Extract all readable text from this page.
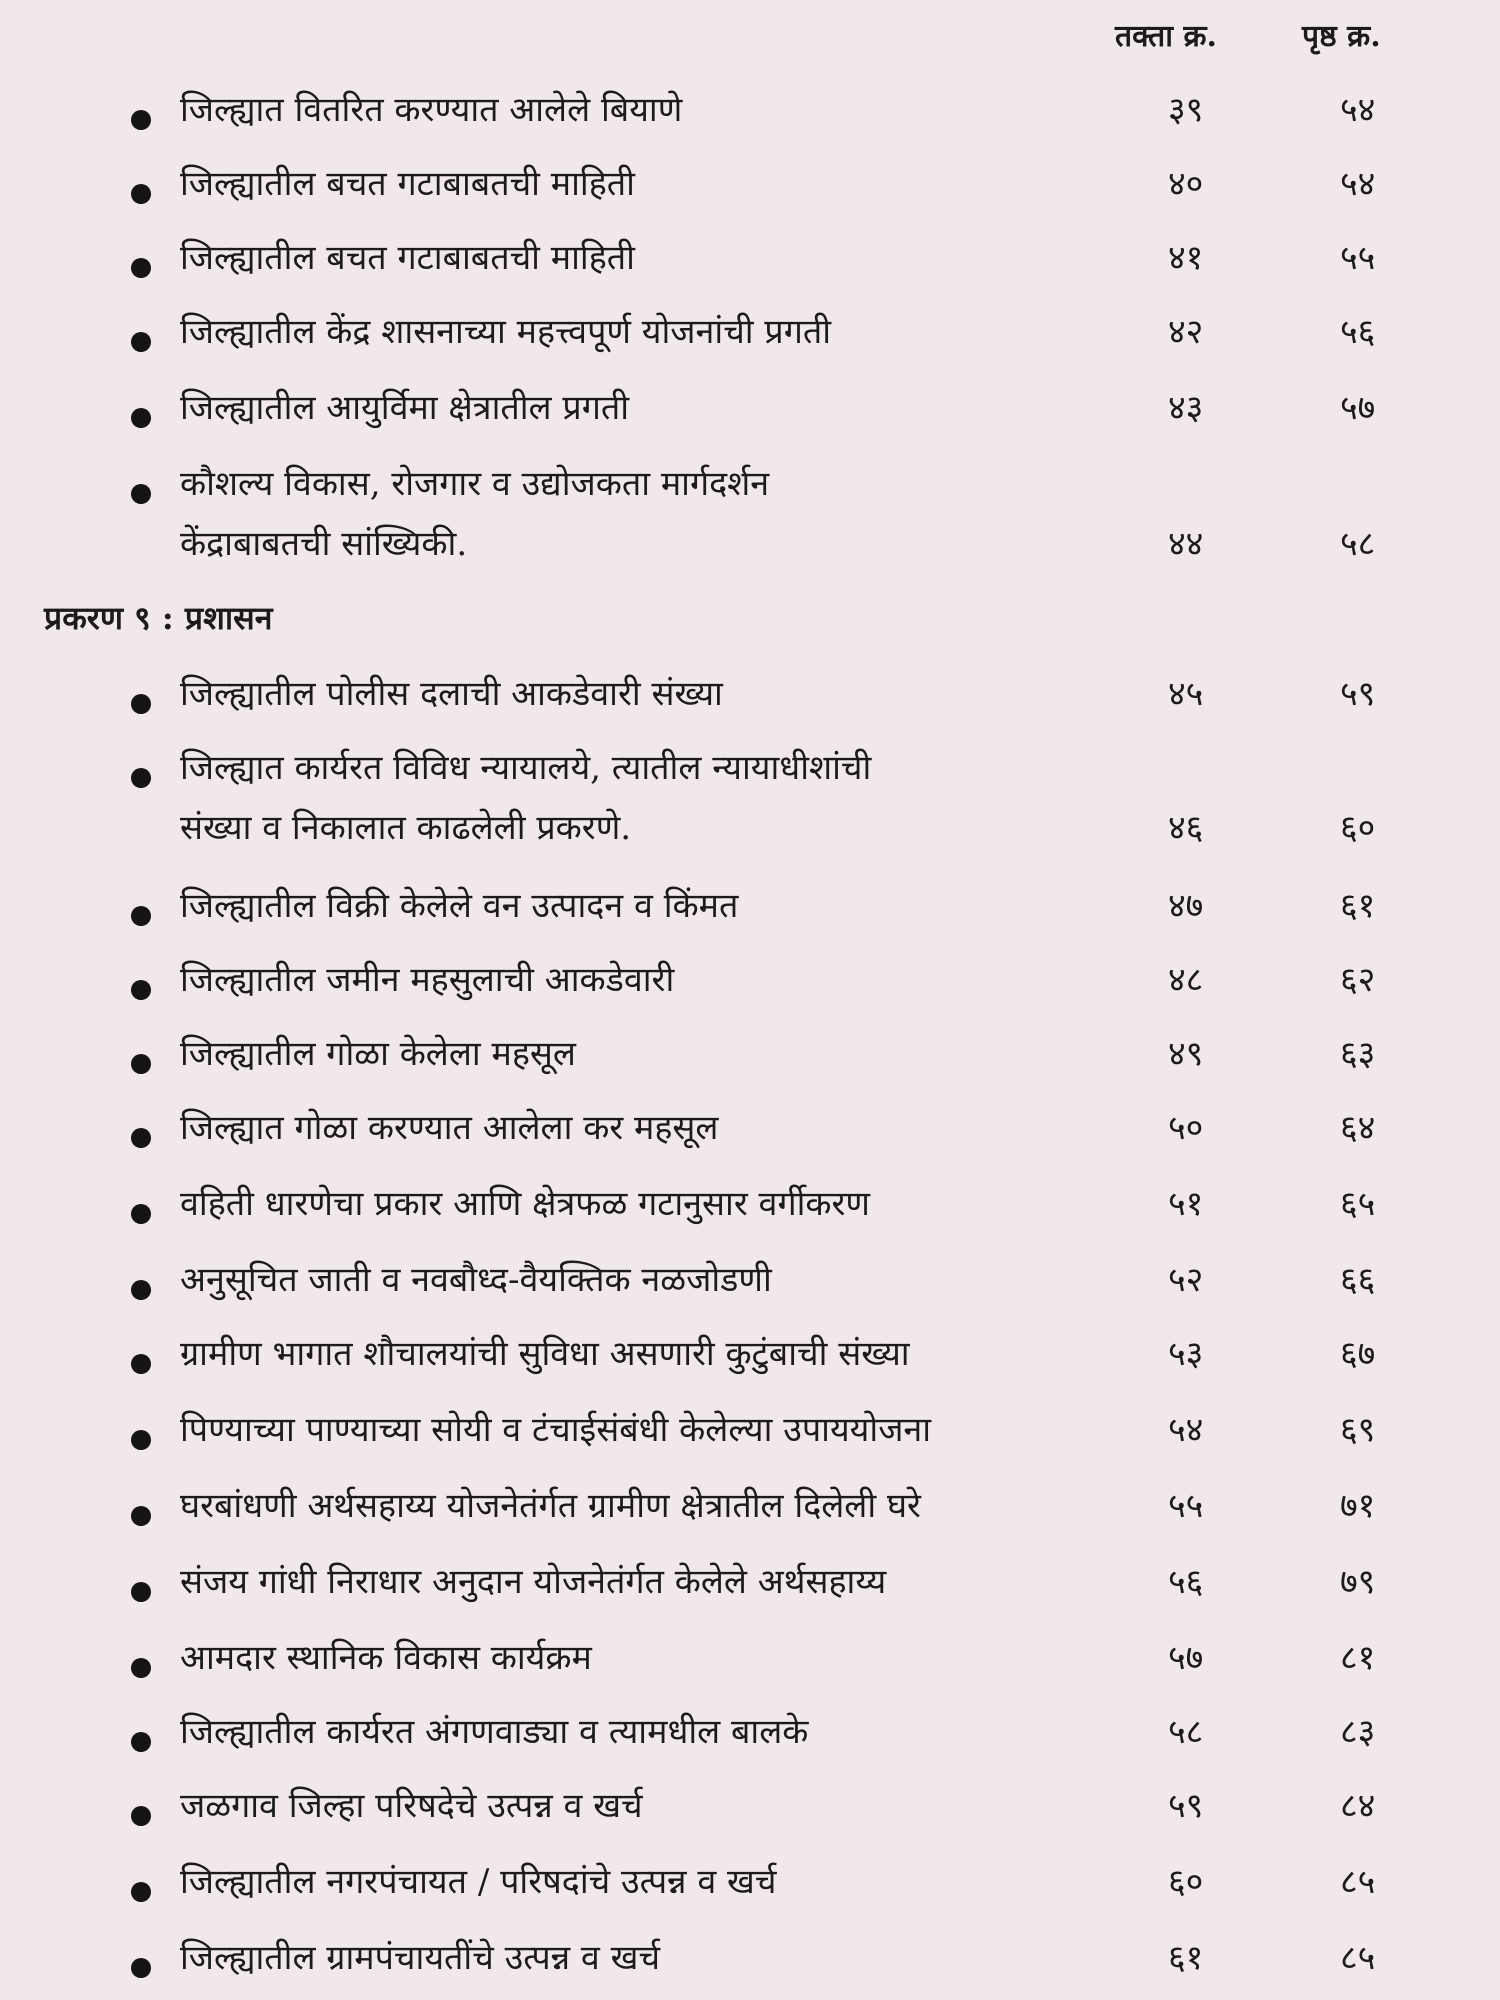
तक्ता क्र.	पृष्ठ क्र.
जिल्ह्यात वितरित करण्यात आलेले बियाणे	३९	५४
जिल्ह्यातील बचत गटाबाबतची माहिती	४०	५४
जिल्ह्यातील बचत गटाबाबतची माहिती	४१	५५
जिल्ह्यातील केंद्र शासनाच्या महत्त्वपूर्ण योजनांची प्रगती	४२	५६
जिल्ह्यातील आयुर्विमा क्षेत्रातील प्रगती	४३	५७
कौशल्य विकास, रोजगार व उद्योजकता मार्गदर्शन
केंद्राबाबतची सांख्यिकी.	४४	५८
प्रकरण ९ : प्रशासन
जिल्ह्यातील पोलीस दलाची आकडेवारी संख्या	४५	५९
जिल्ह्यात कार्यरत विविध न्यायालये, त्यातील न्यायाधीशांची
संख्या व निकालात काढलेली प्रकरणे.	४६	६०
जिल्ह्यातील विक्री केलेले वन उत्पादन व किंमत	४७	६१
जिल्ह्यातील जमीन महसुलाची आकडेवारी	४८	६२
जिल्ह्यातील गोळा केलेला महसूल	४९	६३
जिल्ह्यात गोळा करण्यात आलेला कर महसूल	५०	६४
वहिती धारणेचा प्रकार आणि क्षेत्रफळ गटानुसार वर्गीकरण	५१	६५
अनुसूचित जाती व नवबौध्द-वैयक्तिक नळजोडणी	५२	६६
ग्रामीण भागात शौचालयांची सुविधा असणारी कुटुंबाची संख्या	५३	६७
पिण्याच्या पाण्याच्या सोयी व टंचाईसंबंधी केलेल्या उपाययोजना	५४	६९
घरबांधणी अर्थसहाय्य योजनेतंर्गत ग्रामीण क्षेत्रातील दिलेली घरे	५५	७१
संजय गांधी निराधार अनुदान योजनेतंर्गत केलेले अर्थसहाय्य	५६	७९
आमदार स्थानिक विकास कार्यक्रम	५७	८१
जिल्ह्यातील कार्यरत अंगणवाड्या व त्यामधील बालके	५८	८३
जळगाव जिल्हा परिषदेचे उत्पन्न व खर्च	५९	८४
जिल्ह्यातील नगरपंचायत / परिषदांचे उत्पन्न व खर्च	६०	८५
जिल्ह्यातील ग्रामपंचायतींचे उत्पन्न व खर्च	६१	८५
